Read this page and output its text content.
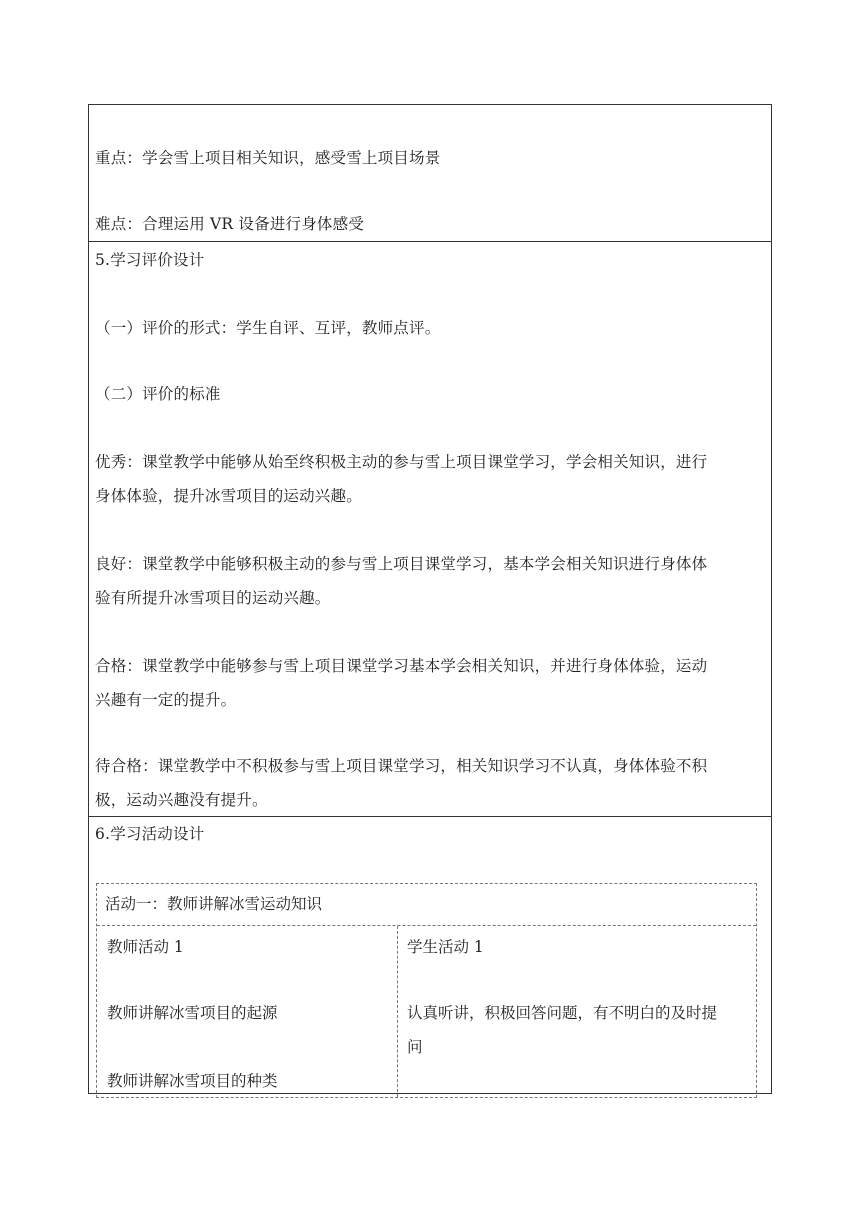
重点：学会雪上项目相关知识，感受雪上项目场景
难点：合理运用 VR 设备进行身体感受
5.学习评价设计
（一）评价的形式：学生自评、互评，教师点评。
（二）评价的标准
优秀：课堂教学中能够从始至终积极主动的参与雪上项目课堂学习，学会相关知识，进行
身体体验，提升冰雪项目的运动兴趣。
良好：课堂教学中能够积极主动的参与雪上项目课堂学习，基本学会相关知识进行身体体
验有所提升冰雪项目的运动兴趣。
合格：课堂教学中能够参与雪上项目课堂学习基本学会相关知识，并进行身体体验，运动
兴趣有一定的提升。
待合格：课堂教学中不积极参与雪上项目课堂学习，相关知识学习不认真，身体体验不积
极，运动兴趣没有提升。
6.学习活动设计
活动一：教师讲解冰雪运动知识
教师活动 1
教师讲解冰雪项目的起源
教师讲解冰雪项目的种类
学生活动 1
认真听讲，积极回答问题，有不明白的及时提
问
